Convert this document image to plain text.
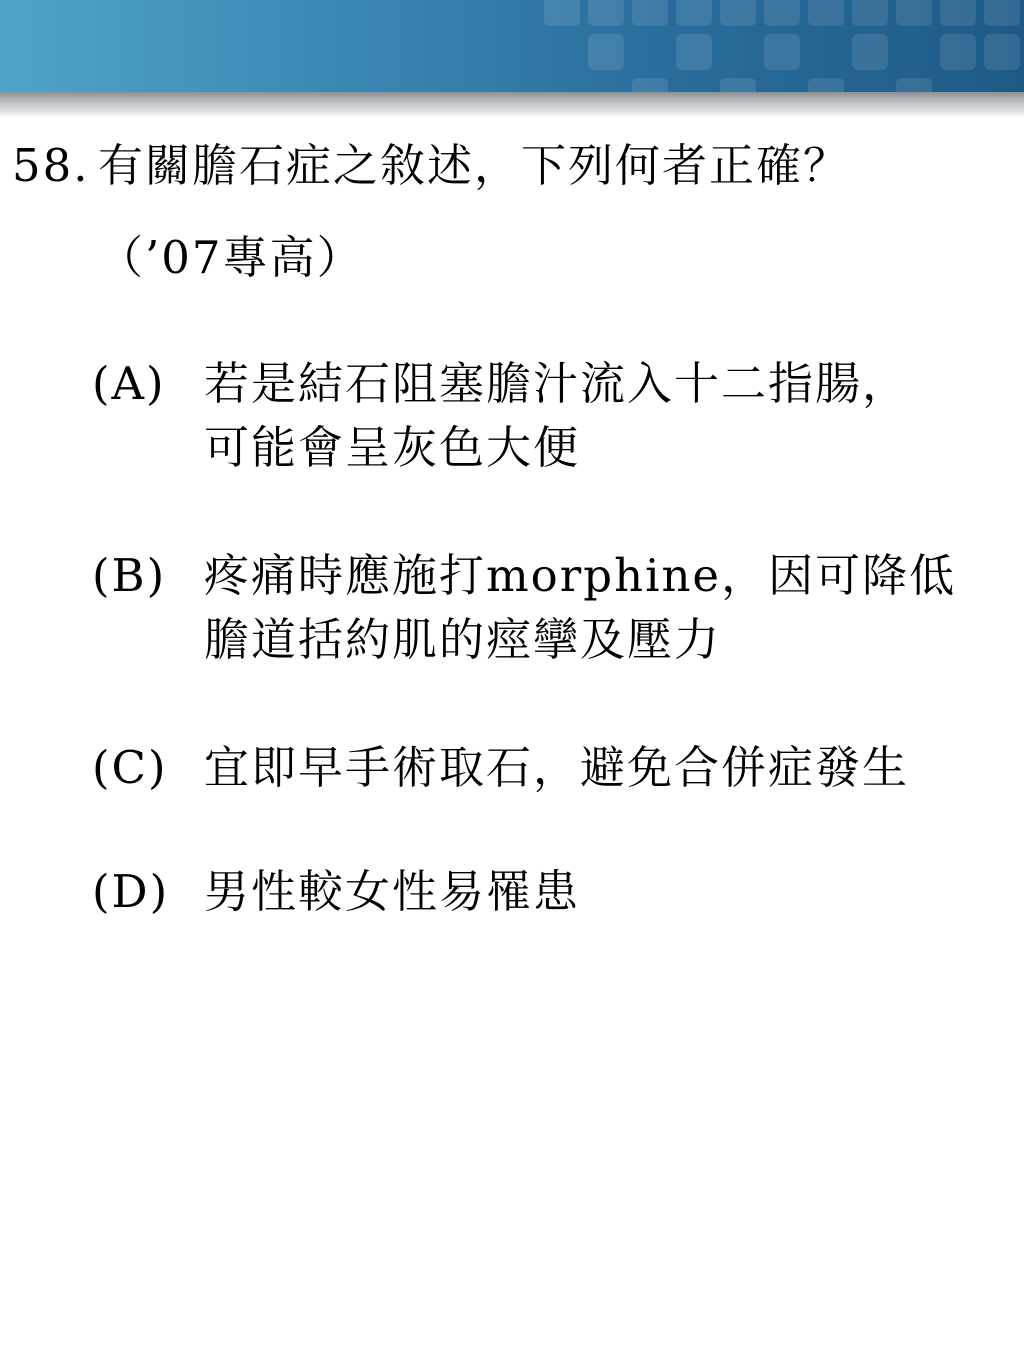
58. 有關膽石症之敘述，下列何者正確？
（’07專高）
(A) 若是結石阻塞膽汁流入十二指腸，
可能會呈灰色大便
(B) 疼痛時應施打morphine，因可降低
膽道括約肌的痙攣及壓力
(C) 宜即早手術取石，避免合併症發生
(D) 男性較女性易罹患
